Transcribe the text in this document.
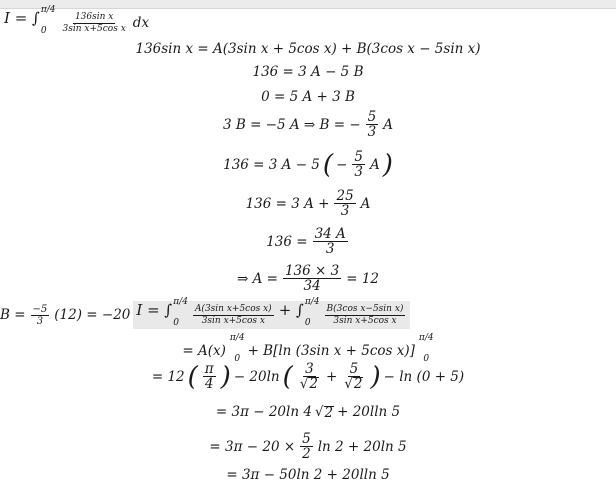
I = ∫ π/4
0	$\frac{\text{136sin x}}{\text{3sin x+5cos x}}$ dx
136sin x = A(3sin x + 5cos x) + B(3cos x − 5sin x)
136 = 3 A − 5 B
0 = 5 A + 3 B
3 B = −5 A ⇒ B = − $\frac{5}{3}$ A
136 = 3 A − 5 ( − $\frac{5}{3}$ A )
136 = 3 $A + \frac{25}{3}$ A
$136 = \frac{34 A}{3}$
⇒ $A = \frac{136 \times 3}{34} = 12$
$B = \frac{-5}{3} (12) = -20$ I = ∫ π/4
0	$\frac{\text{A(3sin x+5cos x)}}{\text{3sin x+5cos x}}$ + ∫ π/4
0	$\frac{\text{B(3cos x−5sin x)}}{\text{3sin x+5cos x}}$
= A(x)
π/4
0 + B[ln (3sin x + 5cos x)]
π/4
0
= 12 ( $\frac{\pi}{4}$ ) − 20ln ( $\frac{3}{√ 2} + \frac{5}{√ 2}$ ) − ln (0 + 5)
= 3π − 20ln 4 √ 2 + 20lln 5
= $3\pi - 20 \times \frac{5}{2}$ ln 2 + 20ln 5
= 3π − 50ln 2 + 20lln 5
